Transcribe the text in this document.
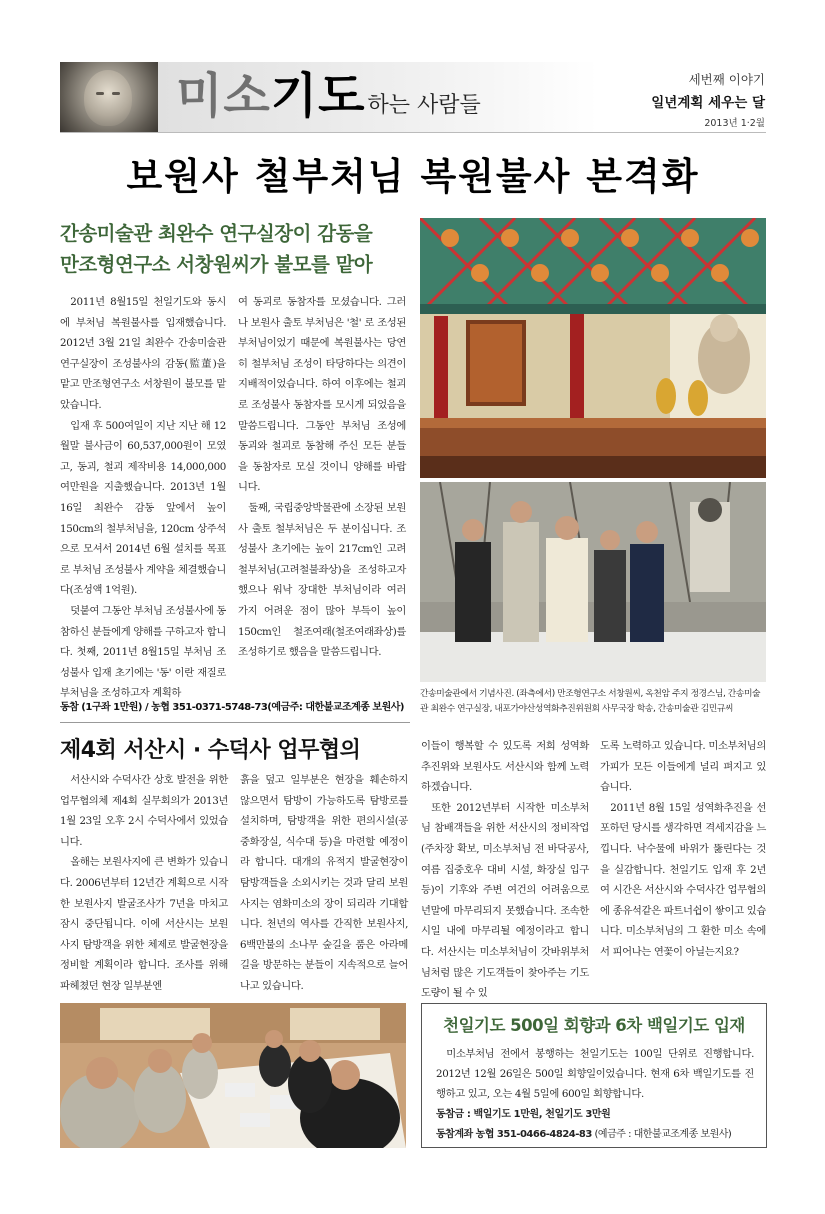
미소기도하는 사람들
세번째 이야기
일년계획 세우는 달
2013년 1·2월
보원사 철부처님 복원불사 본격화
간송미술관 최완수 연구실장이 감동을
만조형연구소 서창원씨가 불모를 맡아

2011년 8월15일 천일기도와 동시에 부처님 복원불사를 입재했습니다. 2012년 3월 21일 최완수 간송미술관 연구실장이 조성불사의 감동(監董)을 맡고 만조형연구소 서창원이 불모를 맡았습니다.

입재 후 500여일이 지난 지난 해 12월말 불사금이 60,537,000원이 모였고, 동괴, 철괴 제작비용 14,000,000여만원을 지출했습니다. 2013년 1월 16일 최완수 감동 앞에서 높이 150cm의 철부처님을, 120cm 상주석으로 모셔서 2014년 6월 설치를 목표로 부처님 조성불사 계약을 체결했습니다(조성액 1억원).

덧붙여 그동안 부처님 조성불사에 동참하신 분들에게 양해를 구하고자 합니다. 첫째, 2011년 8월15일 부처님 조성불사 입재 초기에는 '동' 이란 재질로 부처님을 조성하고자 계획하

여 동괴로 동참자를 모셨습니다. 그러나 보원사 출토 부처님은 '철' 로 조성된 부처님이었기 때문에 복원불사는 당연히 철부처님 조성이 타당하다는 의견이 지배적이었습니다. 하여 이후에는 철괴로 조성불사 동참자를 모시게 되었음을 말씀드립니다. 그동안 부처님 조성에 동괴와 철괴로 동참해 주신 모든 분들을 동참자로 모실 것이니 양해를 바랍니다.

둘째, 국립중앙박물관에 소장된 보원사 출토 철부처님은 두 분이십니다. 조성불사 초기에는 높이 217cm인 고려철부처님(고려철불좌상)을 조성하고자 했으나 워낙 장대한 부처님이라 여러 가지 어려운 점이 많아 부득이 높이 150cm인 철조여래(철조여래좌상)를 조성하기로 했음을 말씀드립니다.

간송미술관에서 기념사진. (좌측에서) 만조형연구소 서창원씨, 옥천암 주지 정경스님, 간송미술관 최완수 연구실장, 내포가야산성역화추진위원회 사무국장 학송, 간송미술관 김민규씨
동참 (1구좌 1만원) / 농협 351-0371-5748-73(예금주: 대한불교조계종 보원사)
제4회 서산시 · 수덕사 업무협의

서산시와 수덕사간 상호 발전을 위한 업무협의체 제4회 실무회의가 2013년 1월 23일 오후 2시 수덕사에서 있었습니다.

올해는 보원사지에 큰 변화가 있습니다. 2006년부터 12년간 계획으로 시작한 보원사지 발굴조사가 7년을 마치고 잠시 중단됩니다. 이에 서산시는 보원사지 탐방객을 위한 체제로 발굴현장을 정비할 계획이라 합니다. 조사를 위해 파헤쳤던 현장 일부분엔

흙을 덮고 일부분은 현장을 훼손하지 않으면서 탐방이 가능하도록 탐방로를 설치하며, 탐방객을 위한 편의시설(공중화장실, 식수대 등)을 마련할 예정이라 합니다. 대개의 유적지 발굴현장이 탐방객들을 소외시키는 것과 달리 보원사지는 염화미소의 장이 되리라 기대합니다. 천년의 역사를 간직한 보원사지, 6백만불의 소나무 숲길을 품은 아라메길을 방문하는 분들이 지속적으로 늘어나고 있습니다.

이들이 행복할 수 있도록 저희 성역화추진위와 보원사도 서산시와 함께 노력하겠습니다.

또한 2012년부터 시작한 미소부처님 참배객들을 위한 서산시의 정비작업(주차장 확보, 미소부처님 전 바닥공사, 여름 집중호우 대비 시설, 화장실 입구 등)이 기후와 주변 여건의 어려움으로 년말에 마무리되지 못했습니다. 조속한 시일 내에 마무리될 예정이라고 합니다. 서산시는 미소부처님이 갓바위부처님처럼 많은 기도객들이 찾아주는 기도도량이 될 수 있

도록 노력하고 있습니다. 미소부처님의 가피가 모든 이들에게 널리 펴지고 있습니다.

2011년 8월 15일 성역화추진을 선포하던 당시를 생각하면 격세지감을 느낍니다. 낙수물에 바위가 뚫린다는 것을 실감합니다. 천일기도 입재 후 2년여 시간은 서산시와 수덕사간 업무협의에 종유석같은 파트너쉽이 쌓이고 있습니다. 미소부처님의 그 환한 미소 속에서 피어나는 연꽃이 아닐는지요?

천일기도 500일 회향과 6차 백일기도 입재
미소부처님 전에서 봉행하는 천일기도는 100일 단위로 진행합니다. 2012년 12월 26일은 500일 회향일이었습니다. 현재 6차 백일기도를 진행하고 있고, 오는 4월 5일에 600일 회향합니다.
동참금 : 백일기도 1만원, 천일기도 3만원
동참계좌 농협 351-0466-4824-83 (예금주 : 대한불교조계종 보원사)
